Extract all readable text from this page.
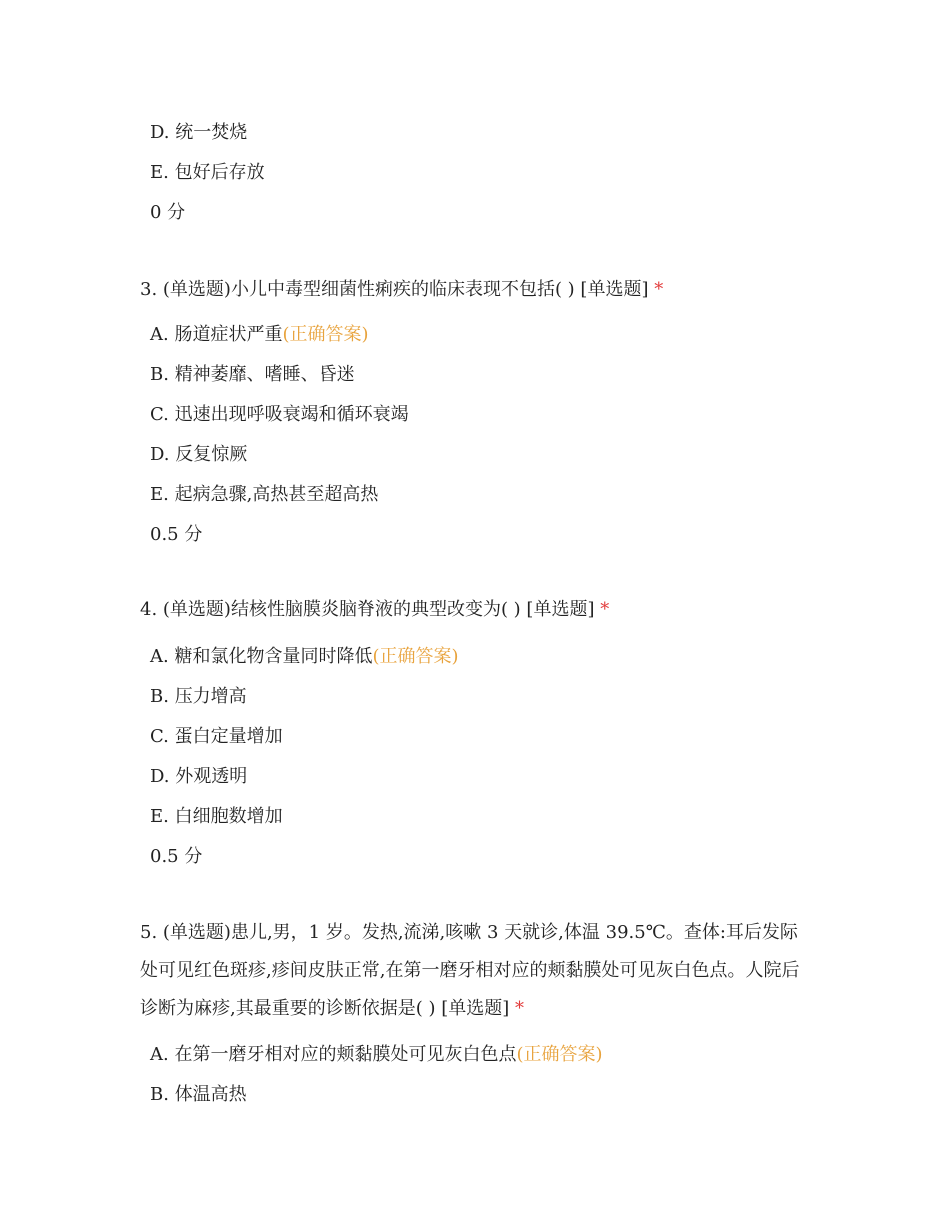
D. 统一焚烧
E. 包好后存放
0 分
3. (单选题)小儿中毒型细菌性痢疾的临床表现不包括( ) [单选题] *
A. 肠道症状严重(正确答案)
B. 精神萎靡、嗜睡、昏迷
C. 迅速出现呼吸衰竭和循环衰竭
D. 反复惊厥
E. 起病急骤,高热甚至超高热
0.5 分
4. (单选题)结核性脑膜炎脑脊液的典型改变为( ) [单选题] *
A. 糖和氯化物含量同时降低(正确答案)
B. 压力增高
C. 蛋白定量增加
D. 外观透明
E. 白细胞数增加
0.5 分
5. (单选题)患儿,男，1 岁。发热,流涕,咳嗽 3 天就诊,体温 39.5℃。查体:耳后发际处可见红色斑疹,疹间皮肤正常,在第一磨牙相对应的颊黏膜处可见灰白色点。人院后诊断为麻疹,其最重要的诊断依据是( ) [单选题] *
A. 在第一磨牙相对应的颊黏膜处可见灰白色点(正确答案)
B. 体温高热
